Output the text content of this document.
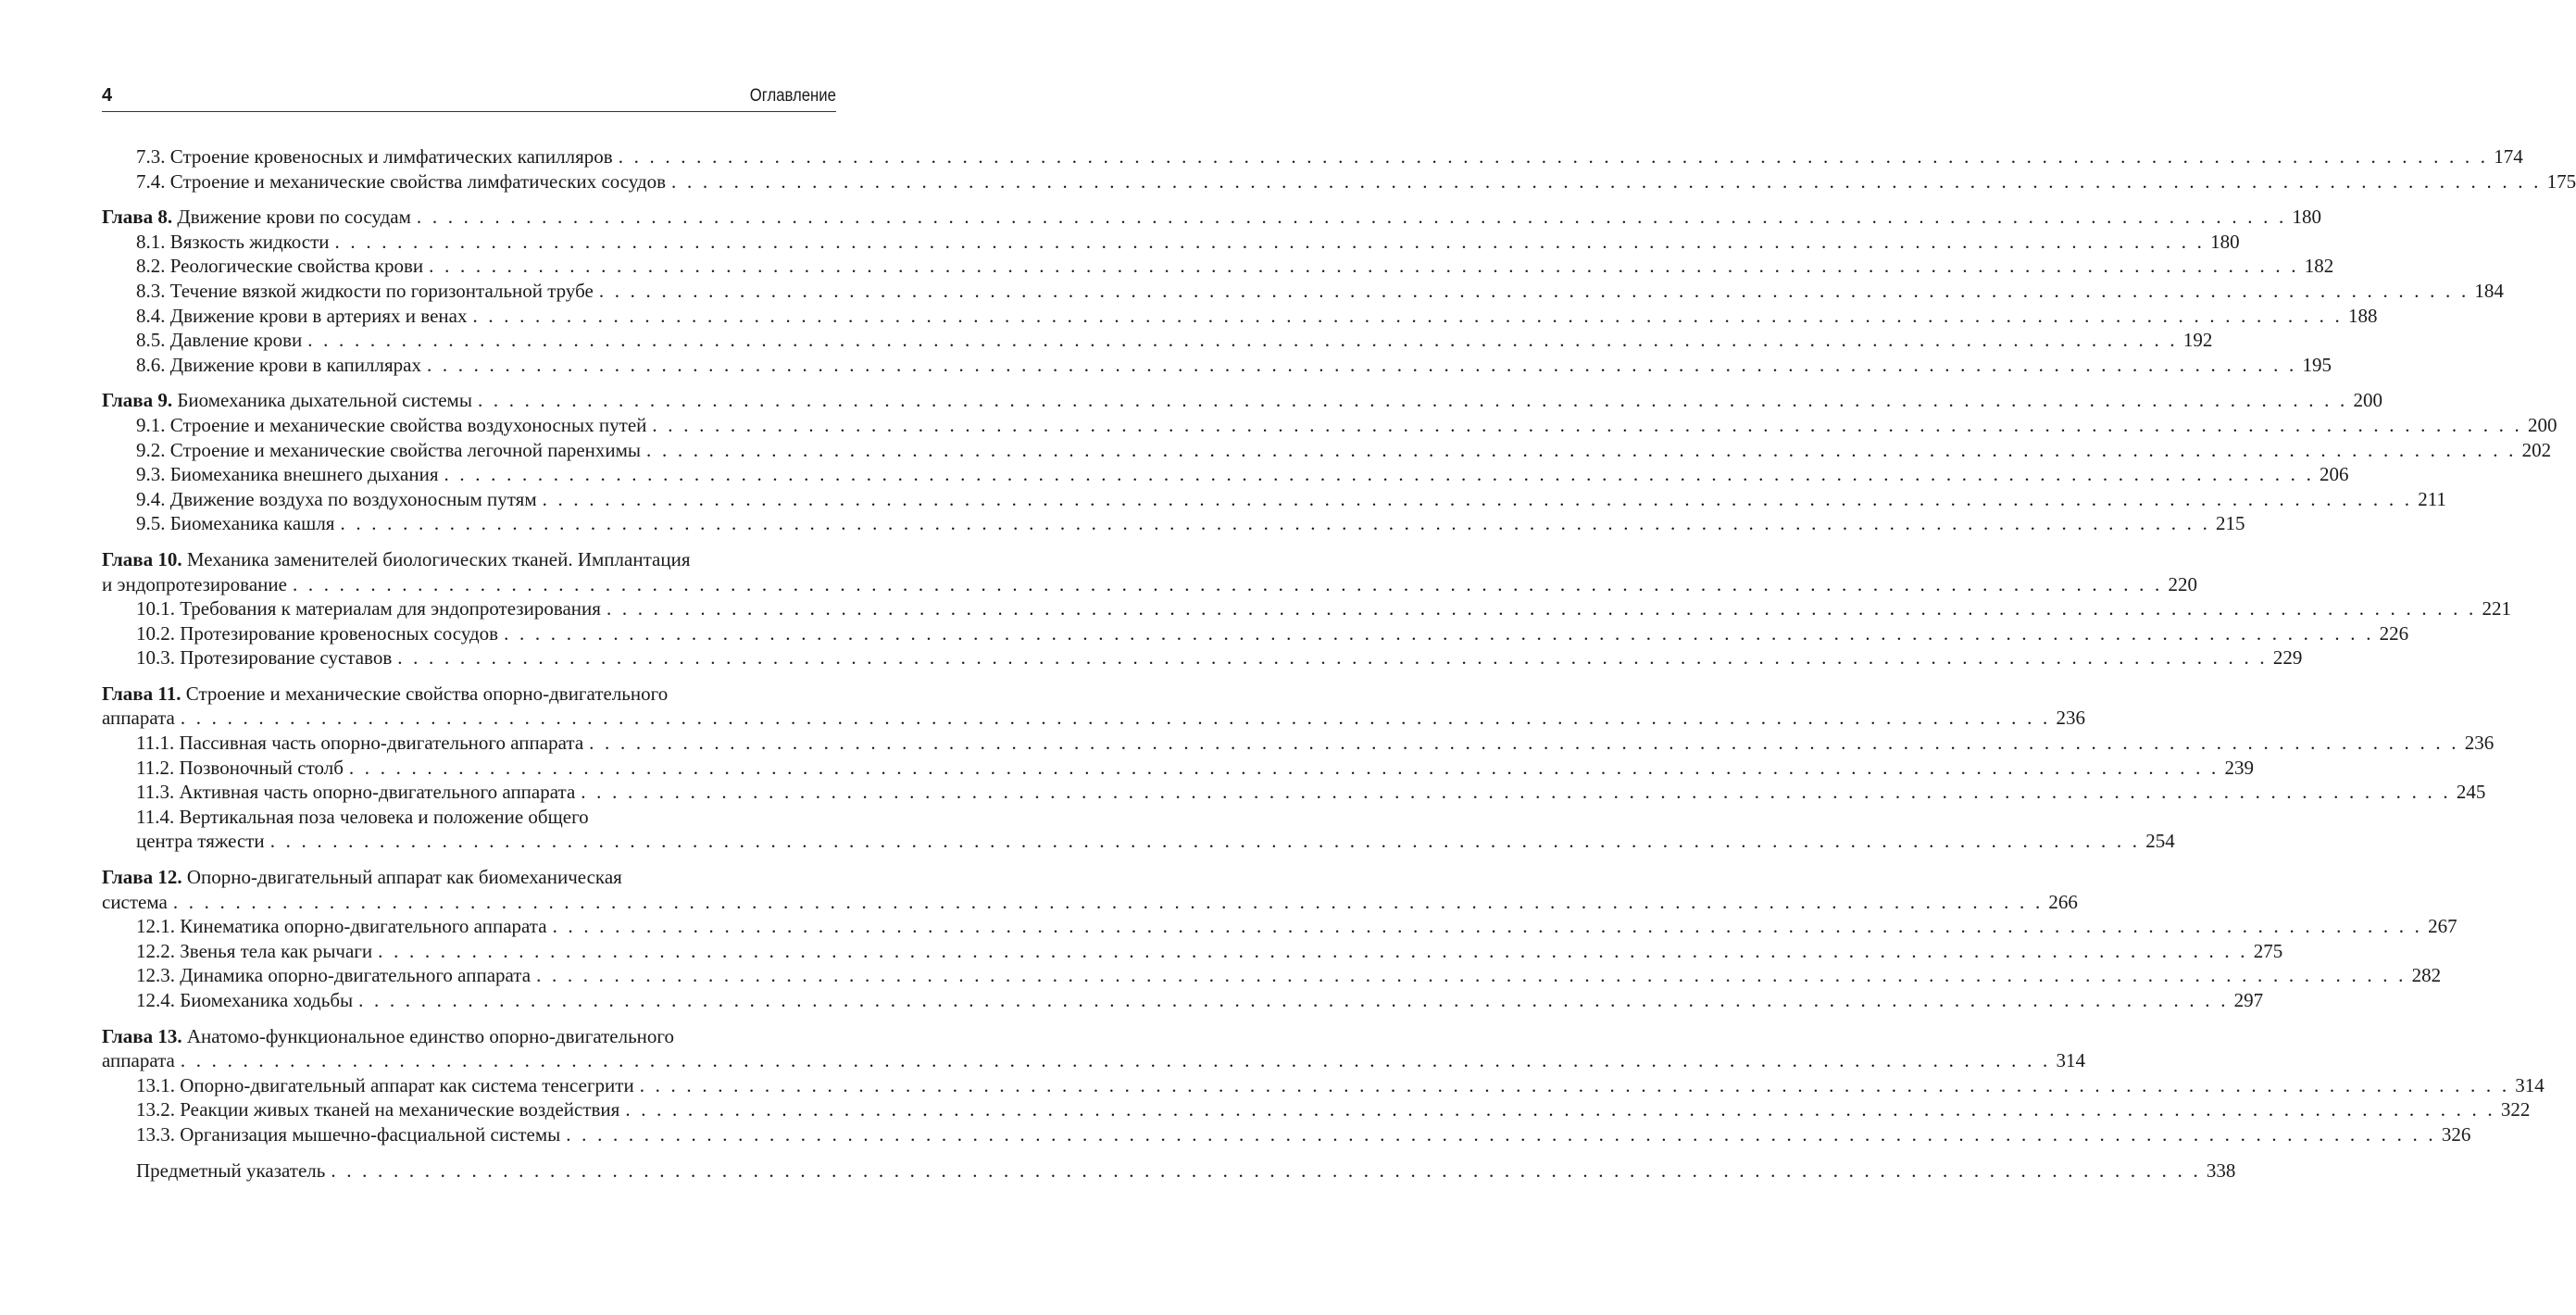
4	Оглавление
7.3. Строение кровеносных и лимфатических капилляров . . . . . . . . . . . . . . . . . . . . . . . . . . . . . . . . . . . . . . . . . . . . . . . . . . . . . . . . . . . . . . . . . . . . . . . . . . . . . . . . . . . . . . . . . . . . . . . . . . . . . . . . . . . . . . . . . . . . . . . . 174
7.4. Строение и механические свойства лимфатических сосудов . . . . . . . . . . . . . . . . . . . . . . . . . . . . . . . . . . . . . . . . . . . . . . . . . . . . . . . . . . . . . . . . . . . . . . . . . . . . . . . . . . . . . . . . . . . . . . . . . . . . . . . . . . . . . . . . . . . . . . . . 175
Глава 8. Движение крови по сосудам . . . . . . . . . . . . . . . . . . . . . . . . . . . . . . . . . . . . . . . . . . . . . . . . . . . . . . . . . . . . . . . . . . . . . . . . . . . . . . . . . . . . . . . . . . . . . . . . . . . . . . . . . . . . . . . . . . . . . . . . 180
8.1. Вязкость жидкости . . . . . . . . . . . . . . . . . . . . . . . . . . . . . . . . . . . . . . . . . . . . . . . . . . . . . . . . . . . . . . . . . . . . . . . . . . . . . . . . . . . . . . . . . . . . . . . . . . . . . . . . . . . . . . . . . . . . . . . . 180
8.2. Реологические свойства крови . . . . . . . . . . . . . . . . . . . . . . . . . . . . . . . . . . . . . . . . . . . . . . . . . . . . . . . . . . . . . . . . . . . . . . . . . . . . . . . . . . . . . . . . . . . . . . . . . . . . . . . . . . . . . . . . . . . . . . . . 182
8.3. Течение вязкой жидкости по горизонтальной трубе . . . . . . . . . . . . . . . . . . . . . . . . . . . . . . . . . . . . . . . . . . . . . . . . . . . . . . . . . . . . . . . . . . . . . . . . . . . . . . . . . . . . . . . . . . . . . . . . . . . . . . . . . . . . . . . . . . . . . . . . 184
8.4. Движение крови в артериях и венах . . . . . . . . . . . . . . . . . . . . . . . . . . . . . . . . . . . . . . . . . . . . . . . . . . . . . . . . . . . . . . . . . . . . . . . . . . . . . . . . . . . . . . . . . . . . . . . . . . . . . . . . . . . . . . . . . . . . . . . . 188
8.5. Давление крови . . . . . . . . . . . . . . . . . . . . . . . . . . . . . . . . . . . . . . . . . . . . . . . . . . . . . . . . . . . . . . . . . . . . . . . . . . . . . . . . . . . . . . . . . . . . . . . . . . . . . . . . . . . . . . . . . . . . . . . . 192
8.6. Движение крови в капиллярах . . . . . . . . . . . . . . . . . . . . . . . . . . . . . . . . . . . . . . . . . . . . . . . . . . . . . . . . . . . . . . . . . . . . . . . . . . . . . . . . . . . . . . . . . . . . . . . . . . . . . . . . . . . . . . . . . . . . . . . . 195
Глава 9. Биомеханика дыхательной системы . . . . . . . . . . . . . . . . . . . . . . . . . . . . . . . . . . . . . . . . . . . . . . . . . . . . . . . . . . . . . . . . . . . . . . . . . . . . . . . . . . . . . . . . . . . . . . . . . . . . . . . . . . . . . . . . . . . . . . . . 200
9.1. Строение и механические свойства воздухоносных путей . . . . . . . . . . . . . . . . . . . . . . . . . . . . . . . . . . . . . . . . . . . . . . . . . . . . . . . . . . . . . . . . . . . . . . . . . . . . . . . . . . . . . . . . . . . . . . . . . . . . . . . . . . . . . . . . . . . . . . . . 200
9.2. Строение и механические свойства легочной паренхимы . . . . . . . . . . . . . . . . . . . . . . . . . . . . . . . . . . . . . . . . . . . . . . . . . . . . . . . . . . . . . . . . . . . . . . . . . . . . . . . . . . . . . . . . . . . . . . . . . . . . . . . . . . . . . . . . . . . . . . . . 202
9.3. Биомеханика внешнего дыхания . . . . . . . . . . . . . . . . . . . . . . . . . . . . . . . . . . . . . . . . . . . . . . . . . . . . . . . . . . . . . . . . . . . . . . . . . . . . . . . . . . . . . . . . . . . . . . . . . . . . . . . . . . . . . . . . . . . . . . . . 206
9.4. Движение воздуха по воздухоносным путям . . . . . . . . . . . . . . . . . . . . . . . . . . . . . . . . . . . . . . . . . . . . . . . . . . . . . . . . . . . . . . . . . . . . . . . . . . . . . . . . . . . . . . . . . . . . . . . . . . . . . . . . . . . . . . . . . . . . . . . . 211
9.5. Биомеханика кашля . . . . . . . . . . . . . . . . . . . . . . . . . . . . . . . . . . . . . . . . . . . . . . . . . . . . . . . . . . . . . . . . . . . . . . . . . . . . . . . . . . . . . . . . . . . . . . . . . . . . . . . . . . . . . . . . . . . . . . . . 215
Глава 10. Механика заменителей биологических тканей. Имплантация
и эндопротезирование . . . . . . . . . . . . . . . . . . . . . . . . . . . . . . . . . . . . . . . . . . . . . . . . . . . . . . . . . . . . . . . . . . . . . . . . . . . . . . . . . . . . . . . . . . . . . . . . . . . . . . . . . . . . . . . . . . . . . . . . 220
10.1. Требования к материалам для эндопротезирования . . . . . . . . . . . . . . . . . . . . . . . . . . . . . . . . . . . . . . . . . . . . . . . . . . . . . . . . . . . . . . . . . . . . . . . . . . . . . . . . . . . . . . . . . . . . . . . . . . . . . . . . . . . . . . . . . . . . . . . . 221
10.2. Протезирование кровеносных сосудов . . . . . . . . . . . . . . . . . . . . . . . . . . . . . . . . . . . . . . . . . . . . . . . . . . . . . . . . . . . . . . . . . . . . . . . . . . . . . . . . . . . . . . . . . . . . . . . . . . . . . . . . . . . . . . . . . . . . . . . . 226
10.3. Протезирование суставов . . . . . . . . . . . . . . . . . . . . . . . . . . . . . . . . . . . . . . . . . . . . . . . . . . . . . . . . . . . . . . . . . . . . . . . . . . . . . . . . . . . . . . . . . . . . . . . . . . . . . . . . . . . . . . . . . . . . . . . . 229
Глава 11. Строение и механические свойства опорно-двигательного
аппарата . . . . . . . . . . . . . . . . . . . . . . . . . . . . . . . . . . . . . . . . . . . . . . . . . . . . . . . . . . . . . . . . . . . . . . . . . . . . . . . . . . . . . . . . . . . . . . . . . . . . . . . . . . . . . . . . . . . . . . . . 236
11.1. Пассивная часть опорно-двигательного аппарата . . . . . . . . . . . . . . . . . . . . . . . . . . . . . . . . . . . . . . . . . . . . . . . . . . . . . . . . . . . . . . . . . . . . . . . . . . . . . . . . . . . . . . . . . . . . . . . . . . . . . . . . . . . . . . . . . . . . . . . . 236
11.2. Позвоночный столб . . . . . . . . . . . . . . . . . . . . . . . . . . . . . . . . . . . . . . . . . . . . . . . . . . . . . . . . . . . . . . . . . . . . . . . . . . . . . . . . . . . . . . . . . . . . . . . . . . . . . . . . . . . . . . . . . . . . . . . . 239
11.3. Активная часть опорно-двигательного аппарата . . . . . . . . . . . . . . . . . . . . . . . . . . . . . . . . . . . . . . . . . . . . . . . . . . . . . . . . . . . . . . . . . . . . . . . . . . . . . . . . . . . . . . . . . . . . . . . . . . . . . . . . . . . . . . . . . . . . . . . . 245
11.4. Вертикальная поза человека и положение общего
центра тяжести . . . . . . . . . . . . . . . . . . . . . . . . . . . . . . . . . . . . . . . . . . . . . . . . . . . . . . . . . . . . . . . . . . . . . . . . . . . . . . . . . . . . . . . . . . . . . . . . . . . . . . . . . . . . . . . . . . . . . . . . 254
Глава 12. Опорно-двигательный аппарат как биомеханическая
система . . . . . . . . . . . . . . . . . . . . . . . . . . . . . . . . . . . . . . . . . . . . . . . . . . . . . . . . . . . . . . . . . . . . . . . . . . . . . . . . . . . . . . . . . . . . . . . . . . . . . . . . . . . . . . . . . . . . . . . . 266
12.1. Кинематика опорно-двигательного аппарата . . . . . . . . . . . . . . . . . . . . . . . . . . . . . . . . . . . . . . . . . . . . . . . . . . . . . . . . . . . . . . . . . . . . . . . . . . . . . . . . . . . . . . . . . . . . . . . . . . . . . . . . . . . . . . . . . . . . . . . . 267
12.2. Звенья тела как рычаги . . . . . . . . . . . . . . . . . . . . . . . . . . . . . . . . . . . . . . . . . . . . . . . . . . . . . . . . . . . . . . . . . . . . . . . . . . . . . . . . . . . . . . . . . . . . . . . . . . . . . . . . . . . . . . . . . . . . . . . . 275
12.3. Динамика опорно-двигательного аппарата . . . . . . . . . . . . . . . . . . . . . . . . . . . . . . . . . . . . . . . . . . . . . . . . . . . . . . . . . . . . . . . . . . . . . . . . . . . . . . . . . . . . . . . . . . . . . . . . . . . . . . . . . . . . . . . . . . . . . . . . 282
12.4. Биомеханика ходьбы . . . . . . . . . . . . . . . . . . . . . . . . . . . . . . . . . . . . . . . . . . . . . . . . . . . . . . . . . . . . . . . . . . . . . . . . . . . . . . . . . . . . . . . . . . . . . . . . . . . . . . . . . . . . . . . . . . . . . . . . 297
Глава 13. Анатомо-функциональное единство опорно-двигательного
аппарата . . . . . . . . . . . . . . . . . . . . . . . . . . . . . . . . . . . . . . . . . . . . . . . . . . . . . . . . . . . . . . . . . . . . . . . . . . . . . . . . . . . . . . . . . . . . . . . . . . . . . . . . . . . . . . . . . . . . . . . . 314
13.1. Опорно-двигательный аппарат как система тенсегрити . . . . . . . . . . . . . . . . . . . . . . . . . . . . . . . . . . . . . . . . . . . . . . . . . . . . . . . . . . . . . . . . . . . . . . . . . . . . . . . . . . . . . . . . . . . . . . . . . . . . . . . . . . . . . . . . . . . . . . . . 314
13.2. Реакции живых тканей на механические воздействия . . . . . . . . . . . . . . . . . . . . . . . . . . . . . . . . . . . . . . . . . . . . . . . . . . . . . . . . . . . . . . . . . . . . . . . . . . . . . . . . . . . . . . . . . . . . . . . . . . . . . . . . . . . . . . . . . . . . . . . . 322
13.3. Организация мышечно-фасциальной системы . . . . . . . . . . . . . . . . . . . . . . . . . . . . . . . . . . . . . . . . . . . . . . . . . . . . . . . . . . . . . . . . . . . . . . . . . . . . . . . . . . . . . . . . . . . . . . . . . . . . . . . . . . . . . . . . . . . . . . . . 326
Предметный указатель . . . . . . . . . . . . . . . . . . . . . . . . . . . . . . . . . . . . . . . . . . . . . . . . . . . . . . . . . . . . . . . . . . . . . . . . . . . . . . . . . . . . . . . . . . . . . . . . . . . . . . . . . . . . . . . . . . . . . . . . 338
